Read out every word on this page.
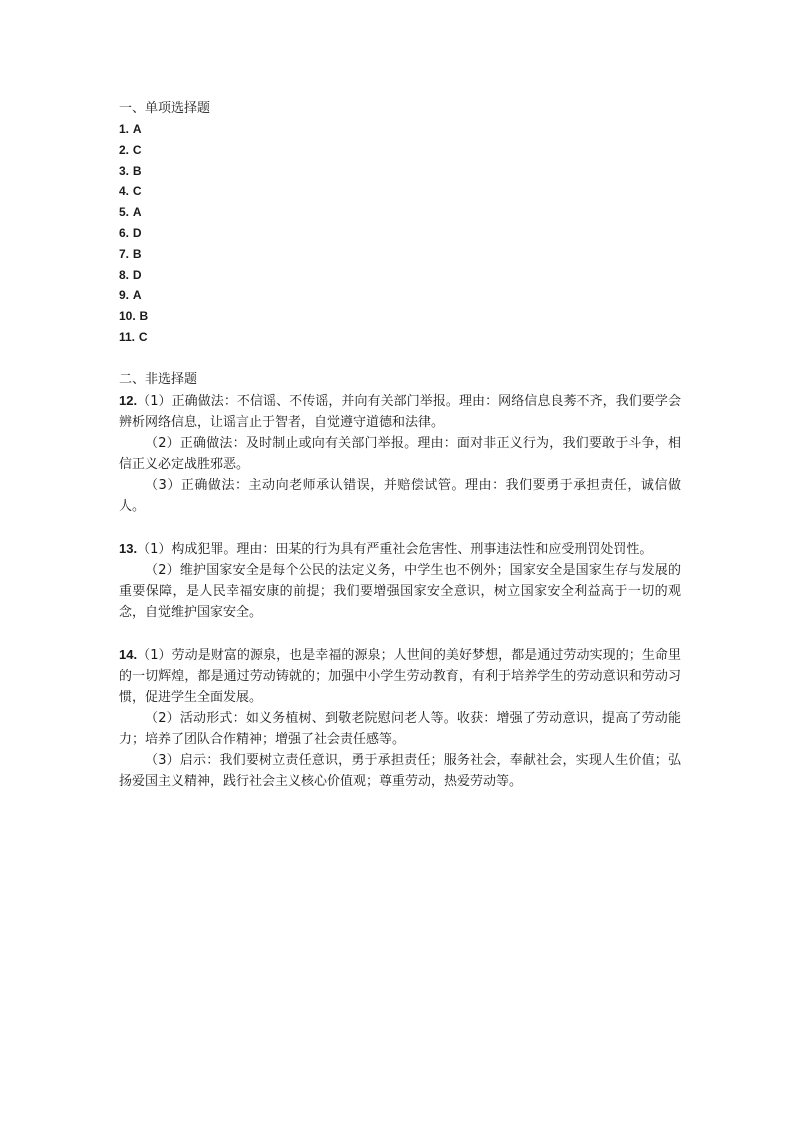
一、单项选择题

1. A
2. C
3. B
4. C
5. A
6. D
7. B
8. D
9. A
10. B
11. C

二、非选择题

12.（1）正确做法：不信谣、不传谣，并向有关部门举报。理由：网络信息良莠不齐，我们要学会辨析网络信息，让谣言止于智者，自觉遵守道德和法律。

（2）正确做法：及时制止或向有关部门举报。理由：面对非正义行为，我们要敢于斗争，相信正义必定战胜邪恶。

（3）正确做法：主动向老师承认错误，并赔偿试管。理由：我们要勇于承担责任，诚信做人。

13.（1）构成犯罪。理由：田某的行为具有严重社会危害性、刑事违法性和应受刑罚处罚性。

（2）维护国家安全是每个公民的法定义务，中学生也不例外；国家安全是国家生存与发展的重要保障，是人民幸福安康的前提；我们要增强国家安全意识，树立国家安全利益高于一切的观念，自觉维护国家安全。

14.（1）劳动是财富的源泉，也是幸福的源泉；人世间的美好梦想，都是通过劳动实现的；生命里的一切辉煌，都是通过劳动铸就的；加强中小学生劳动教育，有利于培养学生的劳动意识和劳动习惯，促进学生全面发展。

（2）活动形式：如义务植树、到敬老院慰问老人等。收获：增强了劳动意识，提高了劳动能力；培养了团队合作精神；增强了社会责任感等。

（3）启示：我们要树立责任意识，勇于承担责任；服务社会，奉献社会，实现人生价值；弘扬爱国主义精神，践行社会主义核心价值观；尊重劳动，热爱劳动等。
